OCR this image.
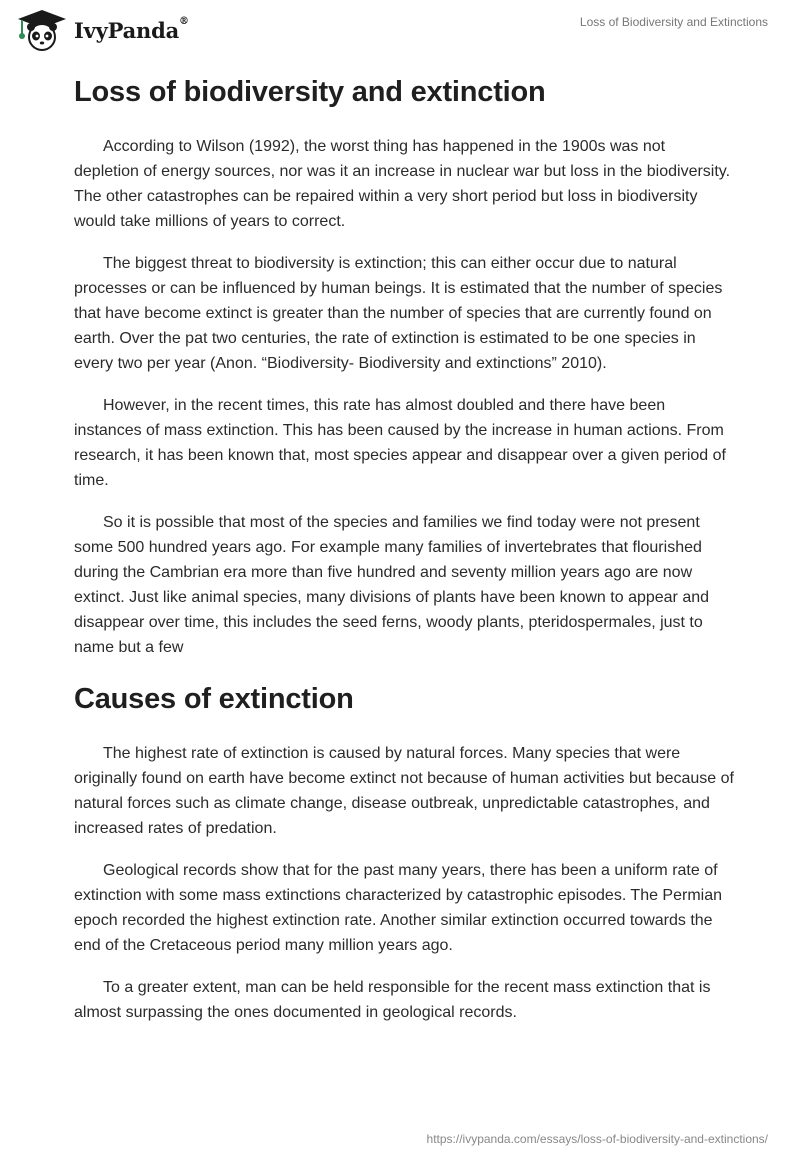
IvyPanda®	Loss of Biodiversity and Extinctions
Loss of biodiversity and extinction

According to Wilson (1992), the worst thing has happened in the 1900s was not depletion of energy sources, nor was it an increase in nuclear war but loss in the biodiversity. The other catastrophes can be repaired within a very short period but loss in biodiversity would take millions of years to correct.

The biggest threat to biodiversity is extinction; this can either occur due to natural processes or can be influenced by human beings. It is estimated that the number of species that have become extinct is greater than the number of species that are currently found on earth. Over the pat two centuries, the rate of extinction is estimated to be one species in every two per year (Anon. “Biodiversity- Biodiversity and extinctions” 2010).

However, in the recent times, this rate has almost doubled and there have been instances of mass extinction. This has been caused by the increase in human actions. From research, it has been known that, most species appear and disappear over a given period of time.

So it is possible that most of the species and families we find today were not present some 500 hundred years ago. For example many families of invertebrates that flourished during the Cambrian era more than five hundred and seventy million years ago are now extinct. Just like animal species, many divisions of plants have been known to appear and disappear over time, this includes the seed ferns, woody plants, pteridospermales, just to name but a few

Causes of extinction

The highest rate of extinction is caused by natural forces. Many species that were originally found on earth have become extinct not because of human activities but because of natural forces such as climate change, disease outbreak, unpredictable catastrophes, and increased rates of predation.

Geological records show that for the past many years, there has been a uniform rate of extinction with some mass extinctions characterized by catastrophic episodes. The Permian epoch recorded the highest extinction rate. Another similar extinction occurred towards the end of the Cretaceous period many million years ago.

To a greater extent, man can be held responsible for the recent mass extinction that is almost surpassing the ones documented in geological records.

https://ivypanda.com/essays/loss-of-biodiversity-and-extinctions/
